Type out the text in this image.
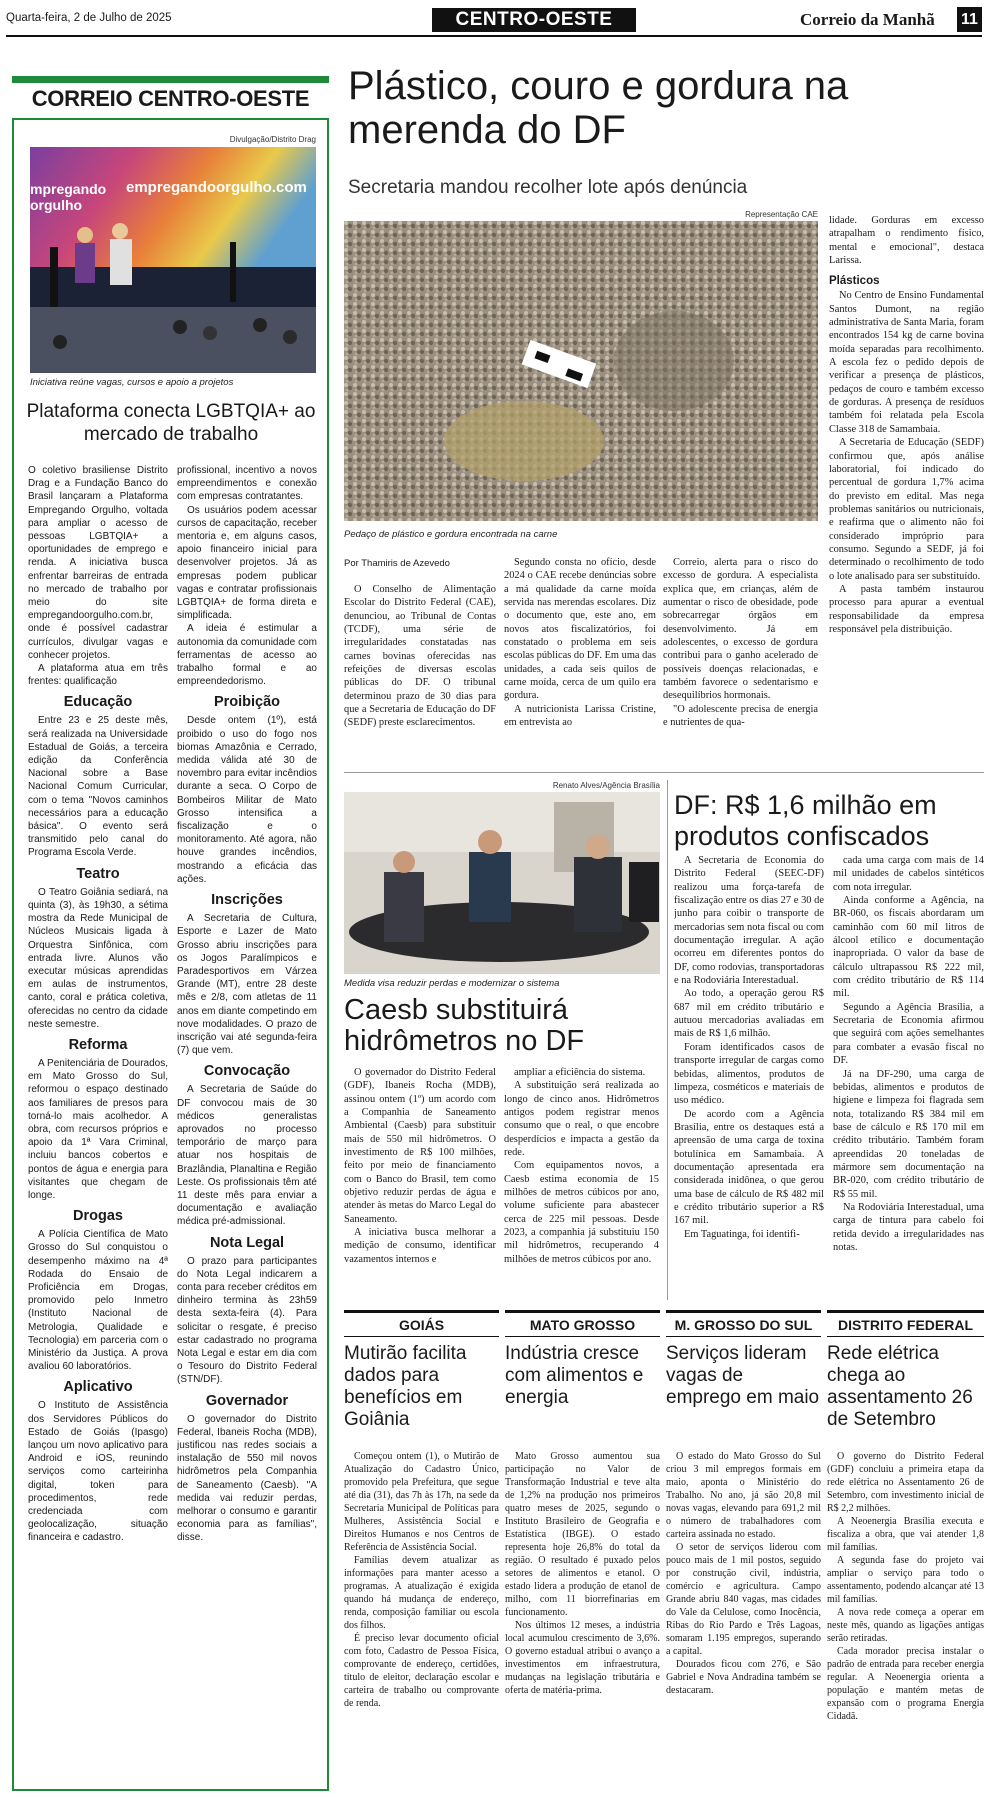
Quarta-feira, 2 de Julho de 2025	CENTRO-OESTE	Correio da Manhã 11
CORREIO CENTRO-OESTE
Divulgação/Distrito Drag
mpregando
orgulho
empregandoorgulho.com
Iniciativa reúne vagas, cursos e apoio a projetos
Plataforma conecta LGBTQIA+ ao mercado de trabalho

O coletivo brasiliense Distrito Drag e a Fundação Banco do Brasil lançaram a Plataforma Empregando Orgulho, voltada para ampliar o acesso de pessoas LGBTQIA+ a oportunidades de emprego e renda. A iniciativa busca enfrentar barreiras de entrada no mercado de trabalho por meio do site empregandoorgulho.com.br, onde é possível cadastrar currículos, divulgar vagas e conhecer projetos.

A plataforma atua em três frentes: qualificação

Educação

Entre 23 e 25 deste mês, será realizada na Universidade Estadual de Goiás, a terceira edição da Conferência Nacional sobre a Base Nacional Comum Curricular, com o tema "Novos caminhos necessários para a educação básica". O evento será transmitido pelo canal do Programa Escola Verde.

Teatro

O Teatro Goiânia sediará, na quinta (3), às 19h30, a sétima mostra da Rede Municipal de Núcleos Musicais ligada à Orquestra Sinfônica, com entrada livre. Alunos vão executar músicas aprendidas em aulas de instrumentos, canto, coral e prática coletiva, oferecidas no centro da cidade neste semestre.

Reforma

A Penitenciária de Dourados, em Mato Grosso do Sul, reformou o espaço destinado aos familiares de presos para torná-lo mais acolhedor. A obra, com recursos próprios e apoio da 1ª Vara Criminal, incluiu bancos cobertos e pontos de água e energia para visitantes que chegam de longe.

Drogas

A Polícia Científica de Mato Grosso do Sul conquistou o desempenho máximo na 4ª Rodada do Ensaio de Proficiência em Drogas, promovido pelo Inmetro (Instituto Nacional de Metrologia, Qualidade e Tecnologia) em parceria com o Ministério da Justiça. A prova avaliou 60 laboratórios.

Aplicativo

O Instituto de Assistência dos Servidores Públicos do Estado de Goiás (Ipasgo) lançou um novo aplicativo para Android e iOS, reunindo serviços como carteirinha digital, token para procedimentos, rede credenciada com geolocalização, situação financeira e cadastro.

profissional, incentivo a novos empreendimentos e conexão com empresas contratantes.

Os usuários podem acessar cursos de capacitação, receber mentoria e, em alguns casos, apoio financeiro inicial para desenvolver projetos. Já as empresas podem publicar vagas e contratar profissionais LGBTQIA+ de forma direta e simplificada.

A ideia é estimular a autonomia da comunidade com ferramentas de acesso ao trabalho formal e ao empreendedorismo.

Proibição

Desde ontem (1º), está proibido o uso do fogo nos biomas Amazônia e Cerrado, medida válida até 30 de novembro para evitar incêndios durante a seca. O Corpo de Bombeiros Militar de Mato Grosso intensifica a fiscalização e o monitoramento. Até agora, não houve grandes incêndios, mostrando a eficácia das ações.

Inscrições

A Secretaria de Cultura, Esporte e Lazer de Mato Grosso abriu inscrições para os Jogos Paralímpicos e Paradesportivos em Várzea Grande (MT), entre 28 deste mês e 2/8, com atletas de 11 anos em diante competindo em nove modalidades. O prazo de inscrição vai até segunda-feira (7) que vem.

Convocação

A Secretaria de Saúde do DF convocou mais de 30 médicos generalistas aprovados no processo temporário de março para atuar nos hospitais de Brazlândia, Planaltina e Região Leste. Os profissionais têm até 11 deste mês para enviar a documentação e avaliação médica pré-admissional.

Nota Legal

O prazo para participantes do Nota Legal indicarem a conta para receber créditos em dinheiro termina às 23h59 desta sexta-feira (4). Para solicitar o resgate, é preciso estar cadastrado no programa Nota Legal e estar em dia com o Tesouro do Distrito Federal (STN/DF).

Governador

O governador do Distrito Federal, Ibaneis Rocha (MDB), justificou nas redes sociais a instalação de 550 mil novos hidrômetros pela Companhia de Saneamento (Caesb). "A medida vai reduzir perdas, melhorar o consumo e garantir economia para as famílias", disse.

Plástico, couro e gordura na merenda do DF
Secretaria mandou recolher lote após denúncia
Representação CAE
Pedaço de plástico e gordura encontrada na carne
Por Thamiris de Azevedo

O Conselho de Alimentação Escolar do Distrito Federal (CAE), denunciou, ao Tribunal de Contas (TCDF), uma série de irregularidades constatadas nas carnes bovinas oferecidas nas refeições de diversas escolas públicas do DF. O tribunal determinou prazo de 30 dias para que a Secretaria de Educação do DF (SEDF) preste esclarecimentos.

Segundo consta no ofício, desde 2024 o CAE recebe denúncias sobre a má qualidade da carne moída servida nas merendas escolares. Diz o documento que, este ano, em novos atos fiscalizatórios, foi constatado o problema em seis escolas públicas do DF. Em uma das unidades, a cada seis quilos de carne moída, cerca de um quilo era gordura.

A nutricionista Larissa Cristine, em entrevista ao

Correio, alerta para o risco do excesso de gordura. A especialista explica que, em crianças, além de aumentar o risco de obesidade, pode sobrecarregar órgãos em desenvolvimento. Já em adolescentes, o excesso de gordura contribui para o ganho acelerado de possíveis doenças relacionadas, e também favorece o sedentarismo e desequilíbrios hormonais.

"O adolescente precisa de energia e nutrientes de qua-

lidade. Gorduras em excesso atrapalham o rendimento físico, mental e emocional", destaca Larissa.

Plásticos

No Centro de Ensino Fundamental Santos Dumont, na região administrativa de Santa Maria, foram encontrados 154 kg de carne bovina moída separadas para recolhimento. A escola fez o pedido depois de verificar a presença de plásticos, pedaços de couro e também excesso de gorduras. A presença de resíduos também foi relatada pela Escola Classe 318 de Samambaia.

A Secretaria de Educação (SEDF) confirmou que, após análise laboratorial, foi indicado do percentual de gordura 1,7% acima do previsto em edital. Mas nega problemas sanitários ou nutricionais, e reafirma que o alimento não foi considerado impróprio para consumo. Segundo a SEDF, já foi determinado o recolhimento de todo o lote analisado para ser substituído.

A pasta também instaurou processo para apurar a eventual responsabilidade da empresa responsável pela distribuição.

Renato Alves/Agência Brasília
Medida visa reduzir perdas e modernizar o sistema
Caesb substituirá hidrômetros no DF

O governador do Distrito Federal (GDF), Ibaneis Rocha (MDB), assinou ontem (1º) um acordo com a Companhia de Saneamento Ambiental (Caesb) para substituir mais de 550 mil hidrômetros. O investimento de R$ 100 milhões, feito por meio de financiamento com o Banco do Brasil, tem como objetivo reduzir perdas de água e atender às metas do Marco Legal do Saneamento.

A iniciativa busca melhorar a medição de consumo, identificar vazamentos internos e

ampliar a eficiência do sistema.

A substituição será realizada ao longo de cinco anos. Hidrômetros antigos podem registrar menos consumo que o real, o que encobre desperdícios e impacta a gestão da rede.

Com equipamentos novos, a Caesb estima economia de 15 milhões de metros cúbicos por ano, volume suficiente para abastecer cerca de 225 mil pessoas. Desde 2023, a companhia já substituiu 150 mil hidrômetros, recuperando 4 milhões de metros cúbicos por ano.

DF: R$ 1,6 milhão em produtos confiscados

A Secretaria de Economia do Distrito Federal (SEEC-DF) realizou uma força-tarefa de fiscalização entre os dias 27 e 30 de junho para coibir o transporte de mercadorias sem nota fiscal ou com documentação irregular. A ação ocorreu em diferentes pontos do DF, como rodovias, transportadoras e na Rodoviária Interestadual.

Ao todo, a operação gerou R$ 687 mil em crédito tributário e autuou mercadorias avaliadas em mais de R$ 1,6 milhão.

Foram identificados casos de transporte irregular de cargas como bebidas, alimentos, produtos de limpeza, cosméticos e materiais de uso médico.

De acordo com a Agência Brasília, entre os destaques está a apreensão de uma carga de toxina botulínica em Samambaia. A documentação apresentada era considerada inidônea, o que gerou uma base de cálculo de R$ 482 mil e crédito tributário superior a R$ 167 mil.

Em Taguatinga, foi identifi-

cada uma carga com mais de 14 mil unidades de cabelos sintéticos com nota irregular.

Ainda conforme a Agência, na BR-060, os fiscais abordaram um caminhão com 60 mil litros de álcool etílico e documentação inapropriada. O valor da base de cálculo ultrapassou R$ 222 mil, com crédito tributário de R$ 114 mil.

Segundo a Agência Brasília, a Secretaria de Economia afirmou que seguirá com ações semelhantes para combater a evasão fiscal no DF.

Já na DF-290, uma carga de bebidas, alimentos e produtos de higiene e limpeza foi flagrada sem nota, totalizando R$ 384 mil em base de cálculo e R$ 170 mil em crédito tributário. Também foram apreendidas 20 toneladas de mármore sem documentação na BR-020, com crédito tributário de R$ 55 mil.

Na Rodoviária Interestadual, uma carga de tintura para cabelo foi retida devido a irregularidades nas notas.

GOIÁS
Mutirão facilita dados para benefícios em Goiânia

Começou ontem (1), o Mutirão de Atualização do Cadastro Único, promovido pela Prefeitura, que segue até dia (31), das 7h às 17h, na sede da Secretaria Municipal de Políticas para Mulheres, Assistência Social e Direitos Humanos e nos Centros de Referência de Assistência Social.

Famílias devem atualizar as informações para manter acesso a programas. A atualização é exigida quando há mudança de endereço, renda, composição familiar ou escola dos filhos.

É preciso levar documento oficial com foto, Cadastro de Pessoa Física, comprovante de endereço, certidões, título de eleitor, declaração escolar e carteira de trabalho ou comprovante de renda.

MATO GROSSO
Indústria cresce com alimentos e energia

Mato Grosso aumentou sua participação no Valor de Transformação Industrial e teve alta de 1,2% na produção nos primeiros quatro meses de 2025, segundo o Instituto Brasileiro de Geografia e Estatística (IBGE). O estado representa hoje 26,8% do total da região. O resultado é puxado pelos setores de alimentos e etanol. O estado lidera a produção de etanol de milho, com 11 biorrefinarias em funcionamento.

Nos últimos 12 meses, a indústria local acumulou crescimento de 3,6%. O governo estadual atribui o avanço a investimentos em infraestrutura, mudanças na legislação tributária e oferta de matéria-prima.

M. GROSSO DO SUL
Serviços lideram vagas de emprego em maio

O estado do Mato Grosso do Sul criou 3 mil empregos formais em maio, aponta o Ministério do Trabalho. No ano, já são 20,8 mil novas vagas, elevando para 691,2 mil o número de trabalhadores com carteira assinada no estado.

O setor de serviços liderou com pouco mais de 1 mil postos, seguido por construção civil, indústria, comércio e agricultura. Campo Grande abriu 840 vagas, mas cidades do Vale da Celulose, como Inocência, Ribas do Rio Pardo e Três Lagoas, somaram 1.195 empregos, superando a capital.

Dourados ficou com 276, e São Gabriel e Nova Andradina também se destacaram.

DISTRITO FEDERAL
Rede elétrica chega ao assentamento 26 de Setembro

O governo do Distrito Federal (GDF) concluiu a primeira etapa da rede elétrica no Assentamento 26 de Setembro, com investimento inicial de R$ 2,2 milhões.

A Neoenergia Brasília executa e fiscaliza a obra, que vai atender 1,8 mil famílias.

A segunda fase do projeto vai ampliar o serviço para todo o assentamento, podendo alcançar até 13 mil famílias.

A nova rede começa a operar em neste mês, quando as ligações antigas serão retiradas.

Cada morador precisa instalar o padrão de entrada para receber energia regular. A Neoenergia orienta a população e mantém metas de expansão com o programa Energia Cidadã.
